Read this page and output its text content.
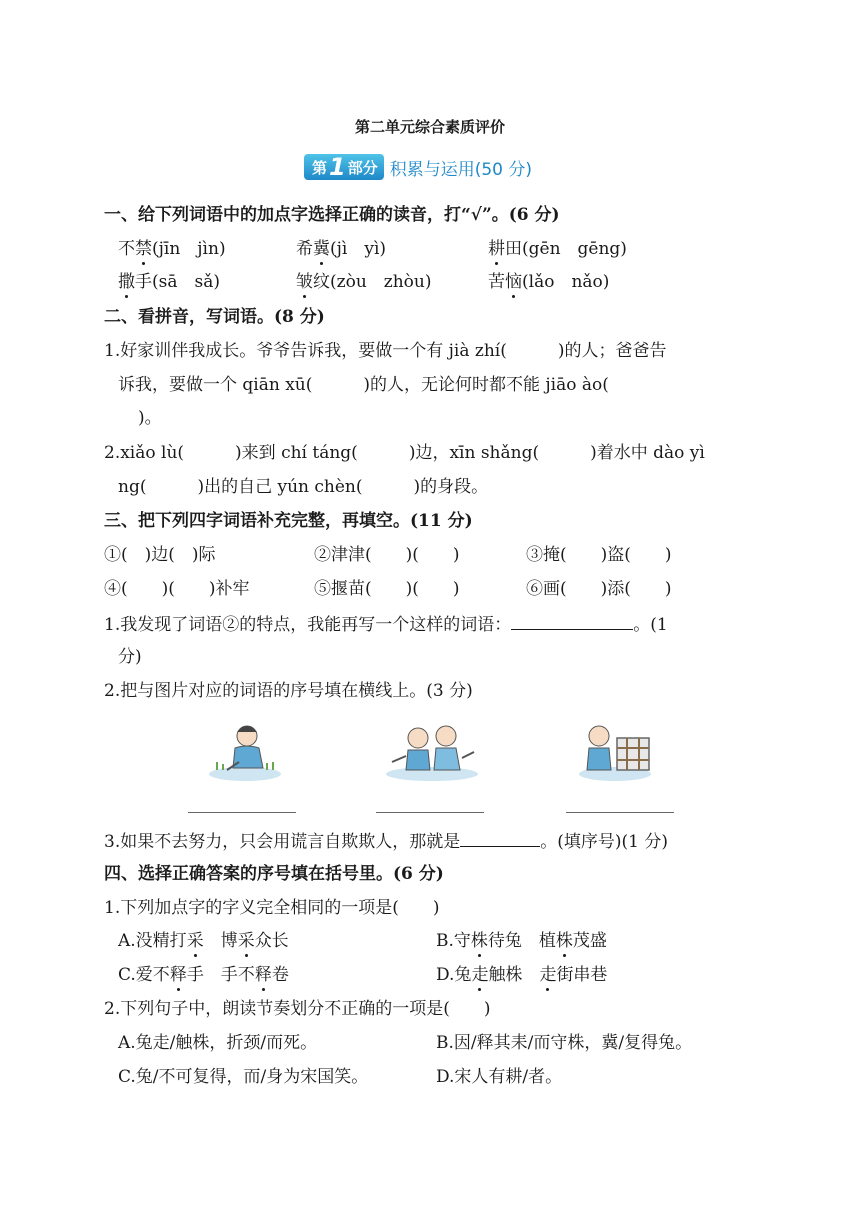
第二单元综合素质评价
第 1 部分 积累与运用(50 分)
一、给下列词语中的加点字选择正确的读音，打“√”。(6 分)
不禁(jīn　jìn)	希冀(jì　yì)	耕田(gēn　gēng)
撒手(sā　sǎ)	皱纹(zòu　zhòu)	苦恼(lǎo　nǎo)
二、看拼音，写词语。(8 分)
1.好家训伴我成长。爷爷告诉我，要做一个有 jià zhí(　　　)的人；爸爸告
诉我，要做一个 qiān xū(　　　)的人，无论何时都不能 jiāo ào(
)。
2.xiǎo lù(　　　)来到 chí táng(　　　)边，xīn shǎng(　　　)着水中 dào yì
ng(　　　)出的自己 yún chèn(　　　)的身段。
三、把下列四字词语补充完整，再填空。(11 分)
①(　)边(　)际	②津津(　　)(　　)	③掩(　　)盗(　　)
④(　　)(　　)补牢	⑤揠苗(　　)(　　)	⑥画(　　)添(　　)
1.我发现了词语②的特点，我能再写一个这样的词语：	。(1
分)
2.把与图片对应的词语的序号填在横线上。(3 分)
3.如果不去努力，只会用谎言自欺欺人，那就是	。(填序号)(1 分)
四、选择正确答案的序号填在括号里。(6 分)
1.下列加点字的字义完全相同的一项是(　　)
A.没精打采　博采众长	B.守株待兔　植株茂盛
C.爱不释手　手不释卷	D.兔走触株　走街串巷
2.下列句子中，朗读节奏划分不正确的一项是(　　)
A.兔走/触株，折颈/而死。	B.因/释其耒/而守株，冀/复得兔。
C.兔/不可复得，而/身为宋国笑。	D.宋人有耕/者。
